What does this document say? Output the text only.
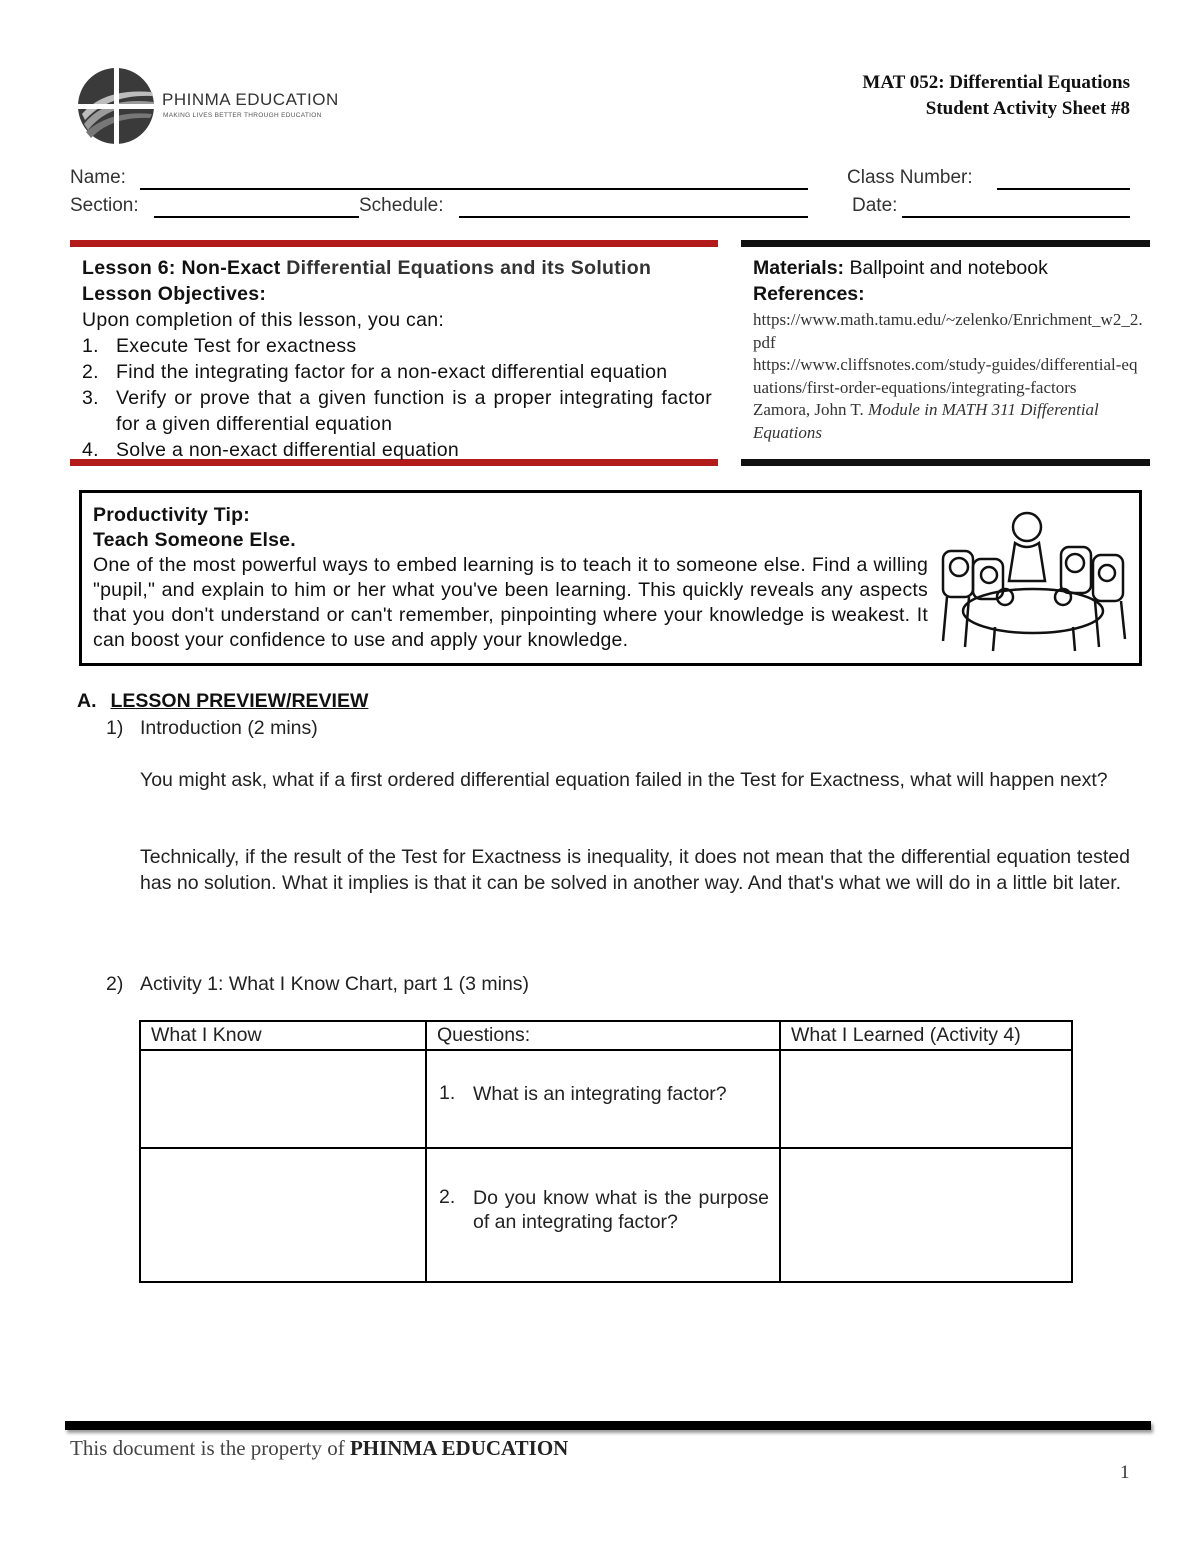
PHINMA EDUCATION
MAKING LIVES BETTER THROUGH EDUCATION
MAT 052: Differential Equations
Student Activity Sheet #8
Name:	Class Number:
Section:	Schedule:	Date:
Lesson 6: Non-Exact Differential Equations and its Solution
Lesson Objectives:
Upon completion of this lesson, you can:
1. Execute Test for exactness
2. Find the integrating factor for a non-exact differential equation
3. Verify or prove that a given function is a proper integrating factor for a given differential equation
4. Solve a non-exact differential equation
Materials: Ballpoint and notebook
References:
https://www.math.tamu.edu/~zelenko/Enrichment_w2_2.pdf
https://www.cliffsnotes.com/study-guides/differential-equations/first-order-equations/integrating-factors
Zamora, John T. Module in MATH 311 Differential Equations
Productivity Tip:
Teach Someone Else.
One of the most powerful ways to embed learning is to teach it to someone else. Find a willing "pupil," and explain to him or her what you've been learning. This quickly reveals any aspects that you don't understand or can't remember, pinpointing where your knowledge is weakest. It can boost your confidence to use and apply your knowledge.
A. LESSON PREVIEW/REVIEW
1) Introduction (2 mins)
You might ask, what if a first ordered differential equation failed in the Test for Exactness, what will happen next?
Technically, if the result of the Test for Exactness is inequality, it does not mean that the differential equation tested has no solution. What it implies is that it can be solved in another way. And that's what we will do in a little bit later.
2) Activity 1: What I Know Chart, part 1 (3 mins)
What I Know	Questions:	What I Learned (Activity 4)

	1. What is an integrating factor?	

	2. Do you know what is the purpose of an integrating factor?	

This document is the property of PHINMA EDUCATION
1
